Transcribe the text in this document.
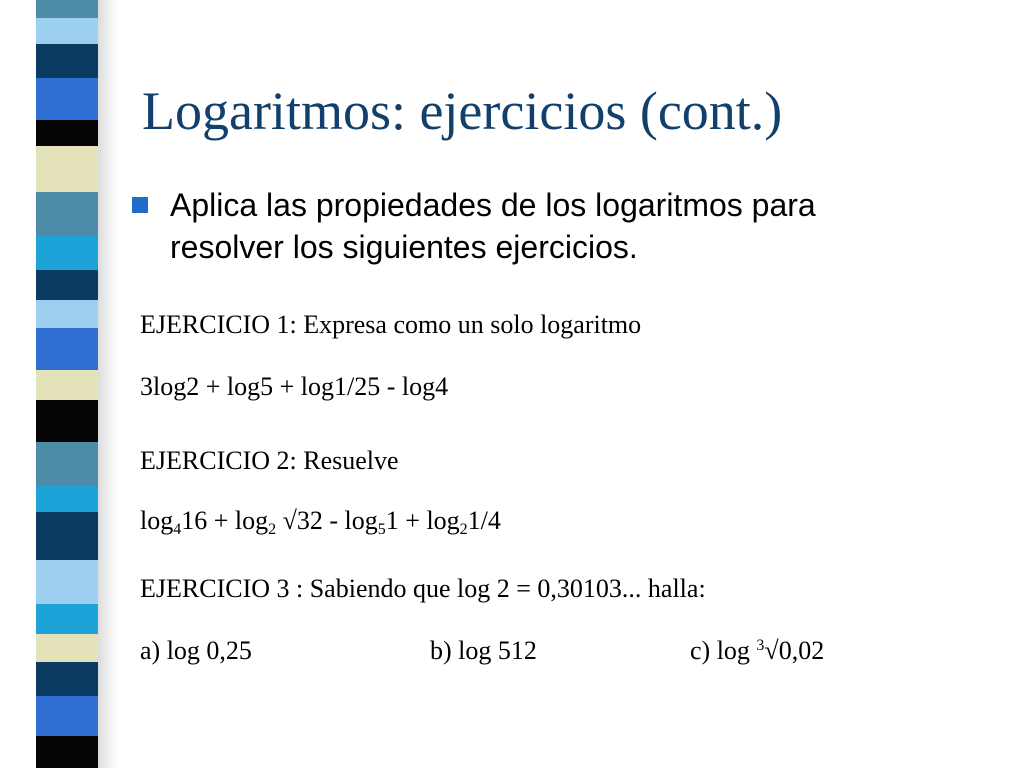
Logaritmos: ejercicios (cont.)
Aplica las propiedades de los logaritmos para resolver los siguientes ejercicios.
EJERCICIO 1: Expresa como un solo logaritmo
3log2 + log5 + log1/25 - log4
EJERCICIO 2: Resuelve
$\log_416 + \log_2 √32 - \log_51 + \log_21/4$
EJERCICIO 3 : Sabiendo que log 2 = 0,30103... halla:
a) log 0,25	b) log 512	c) log $^3$√0,02
